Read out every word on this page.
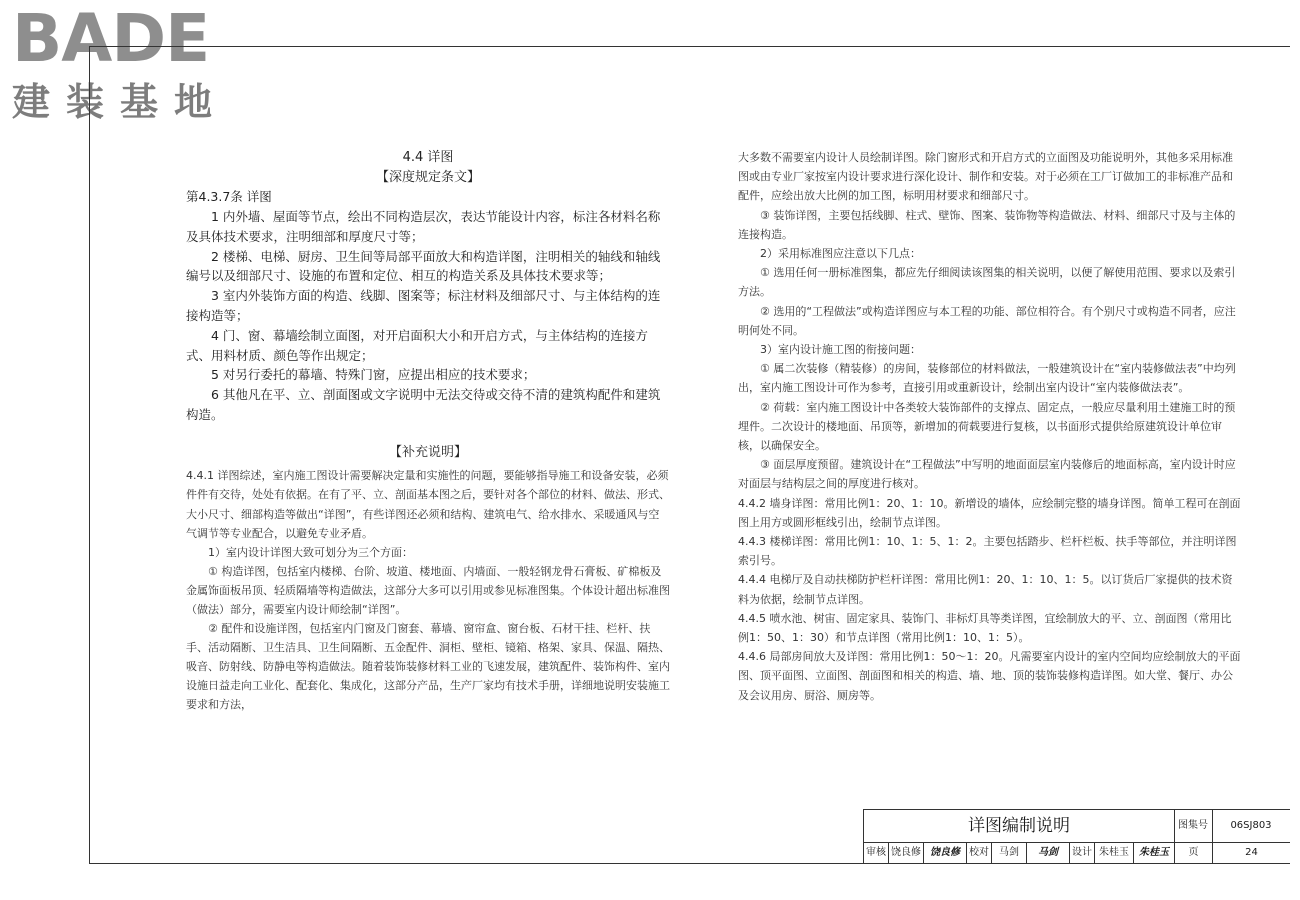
BADE
建装基地

4.4 详图

【深度规定条文】

第4.3.7条 详图

1 内外墙、屋面等节点，绘出不同构造层次，表达节能设计内容，标注各材料名称及具体技术要求，注明细部和厚度尺寸等；

2 楼梯、电梯、厨房、卫生间等局部平面放大和构造详图，注明相关的轴线和轴线编号以及细部尺寸、设施的布置和定位、相互的构造关系及具体技术要求等；

3 室内外装饰方面的构造、线脚、图案等；标注材料及细部尺寸、与主体结构的连接构造等；

4 门、窗、幕墙绘制立面图，对开启面积大小和开启方式，与主体结构的连接方式、用料材质、颜色等作出规定；

5 对另行委托的幕墙、特殊门窗，应提出相应的技术要求；

6 其他凡在平、立、剖面图或文字说明中无法交待或交待不清的建筑构配件和建筑构造。

【补充说明】

4.4.1 详图综述，室内施工图设计需要解决定量和实施性的问题，要能够指导施工和设备安装，必须件件有交待，处处有依据。在有了平、立、剖面基本图之后，要针对各个部位的材料、做法、形式、大小尺寸、细部构造等做出“详图”，有些详图还必须和结构、建筑电气、给水排水、采暖通风与空气调节等专业配合，以避免专业矛盾。

1）室内设计详图大致可划分为三个方面：

① 构造详图，包括室内楼梯、台阶、坡道、楼地面、内墙面、一般轻钢龙骨石膏板、矿棉板及金属饰面板吊顶、轻质隔墙等构造做法，这部分大多可以引用或参见标准图集。个体设计超出标准图（做法）部分，需要室内设计师绘制“详图”。

② 配件和设施详图，包括室内门窗及门窗套、幕墙、窗帘盒、窗台板、石材干挂、栏杆、扶手、活动隔断、卫生洁具、卫生间隔断、五金配件、洞柜、壁柜、镜箱、格架、家具、保温、隔热、吸音、防射线、防静电等构造做法。随着装饰装修材料工业的飞速发展，建筑配件、装饰构件、室内设施日益走向工业化、配套化、集成化，这部分产品，生产厂家均有技术手册，详细地说明安装施工要求和方法，

大多数不需要室内设计人员绘制详图。除门窗形式和开启方式的立面图及功能说明外，其他多采用标准图或由专业厂家按室内设计要求进行深化设计、制作和安装。对于必须在工厂订做加工的非标准产品和配件，应绘出放大比例的加工图，标明用材要求和细部尺寸。

③ 装饰详图，主要包括线脚、柱式、壁饰、图案、装饰物等构造做法、材料、细部尺寸及与主体的连接构造。

2）采用标准图应注意以下几点：

① 选用任何一册标准图集，都应先仔细阅读该图集的相关说明，以便了解使用范围、要求以及索引方法。

② 选用的“工程做法”或构造详图应与本工程的功能、部位相符合。有个别尺寸或构造不同者，应注明何处不同。

3）室内设计施工图的衔接问题：

① 属二次装修（精装修）的房间，装修部位的材料做法，一般建筑设计在“室内装修做法表”中均列出，室内施工图设计可作为参考，直接引用或重新设计，绘制出室内设计“室内装修做法表”。

② 荷载：室内施工图设计中各类较大装饰部件的支撑点、固定点，一般应尽量利用土建施工时的预埋件。二次设计的楼地面、吊顶等，新增加的荷载要进行复核，以书面形式提供给原建筑设计单位审核，以确保安全。

③ 面层厚度预留。建筑设计在“工程做法”中写明的地面面层室内装修后的地面标高，室内设计时应对面层与结构层之间的厚度进行核对。

4.4.2 墙身详图：常用比例1：20、1：10。新增设的墙体，应绘制完整的墙身详图。简单工程可在剖面图上用方或圆形框线引出，绘制节点详图。

4.4.3 楼梯详图：常用比例1：10、1：5、1：2。主要包括踏步、栏杆栏板、扶手等部位，并注明详图索引号。

4.4.4 电梯厅及自动扶梯防护栏杆详图：常用比例1：20、1：10、1：5。以订货后厂家提供的技术资料为依据，绘制节点详图。

4.4.5 喷水池、树宙、固定家具、装饰门、非标灯具等类详图，宜绘制放大的平、立、剖面图（常用比例1：50、1：30）和节点详图（常用比例1：10、1：5）。

4.4.6 局部房间放大及详图：常用比例1：50～1：20。凡需要室内设计的室内空间均应绘制放大的平面图、顶平面图、立面图、剖面图和相关的构造、墙、地、顶的装饰装修构造详图。如大堂、餐厅、办公及会议用房、厨浴、厕房等。

详图编制说明	图集号	06SJ803
审核 饶良修 饶良修 校对	马剑	马剑	设计 朱桂玉	朱桂玉	页	24
